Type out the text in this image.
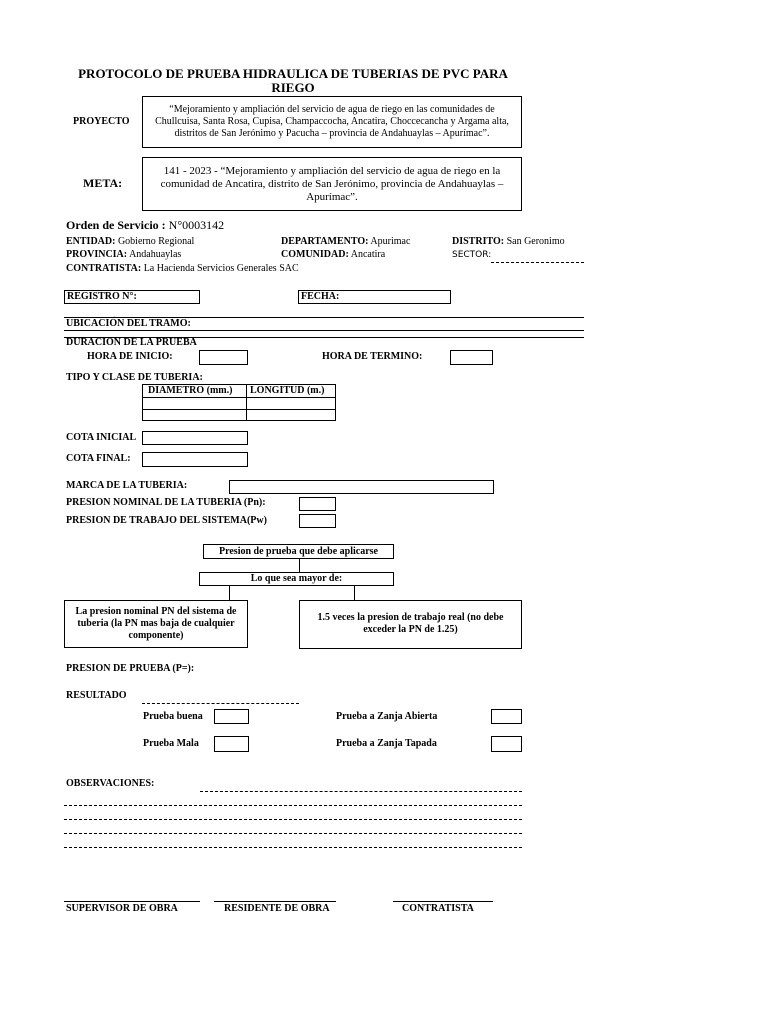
PROTOCOLO DE PRUEBA HIDRAULICA DE TUBERIAS DE PVC PARA
RIEGO
PROYECTO
“Mejoramiento y ampliación del servicio de agua de riego en las comunidades de Chullcuisa, Santa Rosa, Cupisa, Champaccocha, Ancatira, Choccecancha y Argama alta, distritos de San Jerónimo y Pacucha – provincia de Andahuaylas – Apurímac”.
META:
141 - 2023 - “Mejoramiento y ampliación del servicio de agua de riego en la comunidad de Ancatira, distrito de San Jerónimo, provincia de Andahuaylas – Apurímac”.
Orden de Servicio : N°0003142
ENTIDAD: Gobierno Regional	DEPARTAMENTO: Apurimac	DISTRITO: San Geronimo
PROVINCIA: Andahuaylas	COMUNIDAD: Ancatira	SECTOR:
CONTRATISTA: La Hacienda Servicios Generales SAC
REGISTRO N°:	FECHA:
UBICACIÓN DEL TRAMO:
DURACION DE LA PRUEBA
HORA DE INICIO:	HORA DE TERMINO:
TIPO Y CLASE DE TUBERIA:
DIAMETRO (mm.) LONGITUD (m.)
COTA INICIAL
COTA FINAL:
MARCA DE LA TUBERIA:
PRESION NOMINAL DE LA TUBERIA (Pn):
PRESION DE TRABAJO DEL SISTEMA(Pw)
Presion de prueba que debe aplicarse
Lo que sea mayor de:
La presion nominal PN del sistema de tuberia (la PN mas baja de cualquier componente)
1.5 veces la presion de trabajo real (no debe exceder la PN de 1.25)
PRESION DE PRUEBA (P=):
RESULTADO
Prueba buena	Prueba a Zanja Abierta
Prueba Mala	Prueba a Zanja Tapada
OBSERVACIONES:
SUPERVISOR DE OBRA	RESIDENTE DE OBRA	CONTRATISTA
